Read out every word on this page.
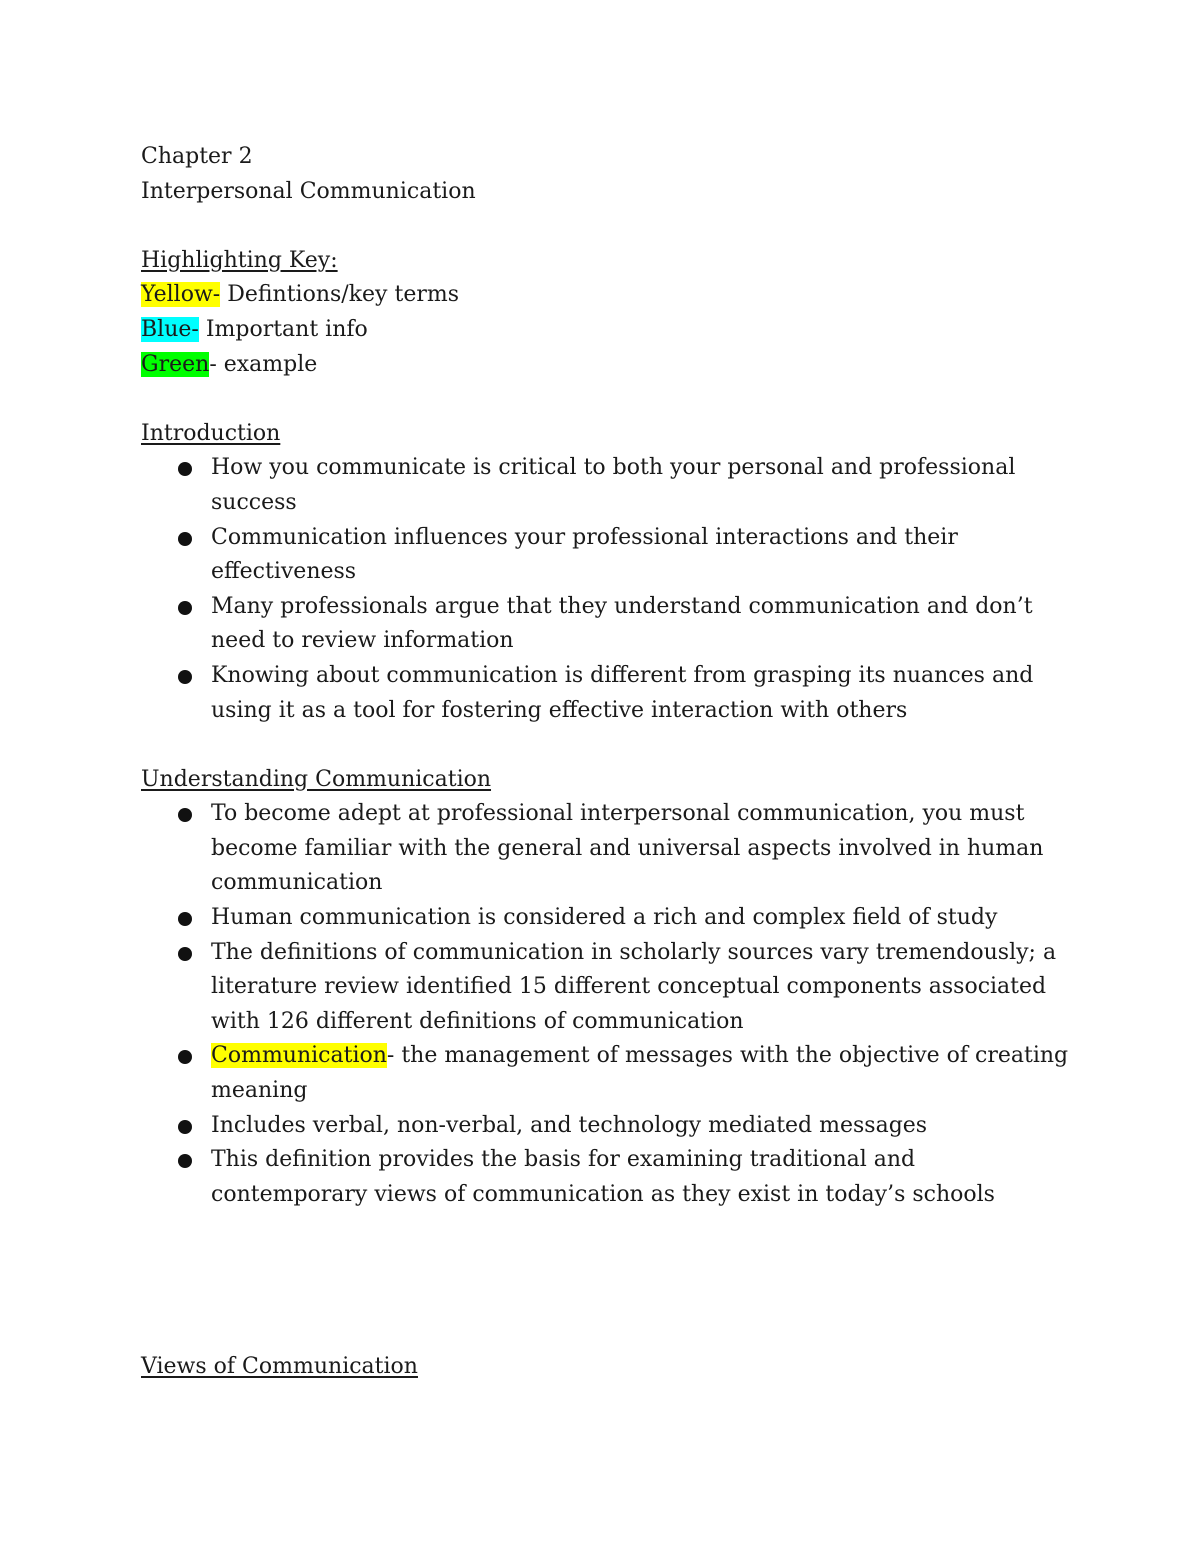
Chapter 2
Interpersonal Communication
Highlighting Key:
Yellow- Defintions/key terms
Blue- Important info
Green- example
Introduction
How you communicate is critical to both your personal and professional success
Communication influences your professional interactions and their effectiveness
Many professionals argue that they understand communication and don’t need to review information
Knowing about communication is different from grasping its nuances and using it as a tool for fostering effective interaction with others
Understanding Communication
To become adept at professional interpersonal communication, you must become familiar with the general and universal aspects involved in human communication
Human communication is considered a rich and complex field of study
The definitions of communication in scholarly sources vary tremendously; a literature review identified 15 different conceptual components associated with 126 different definitions of communication
Communication- the management of messages with the objective of creating meaning
Includes verbal, non-verbal, and technology mediated messages
This definition provides the basis for examining traditional and contemporary views of communication as they exist in today’s schools
Views of Communication
